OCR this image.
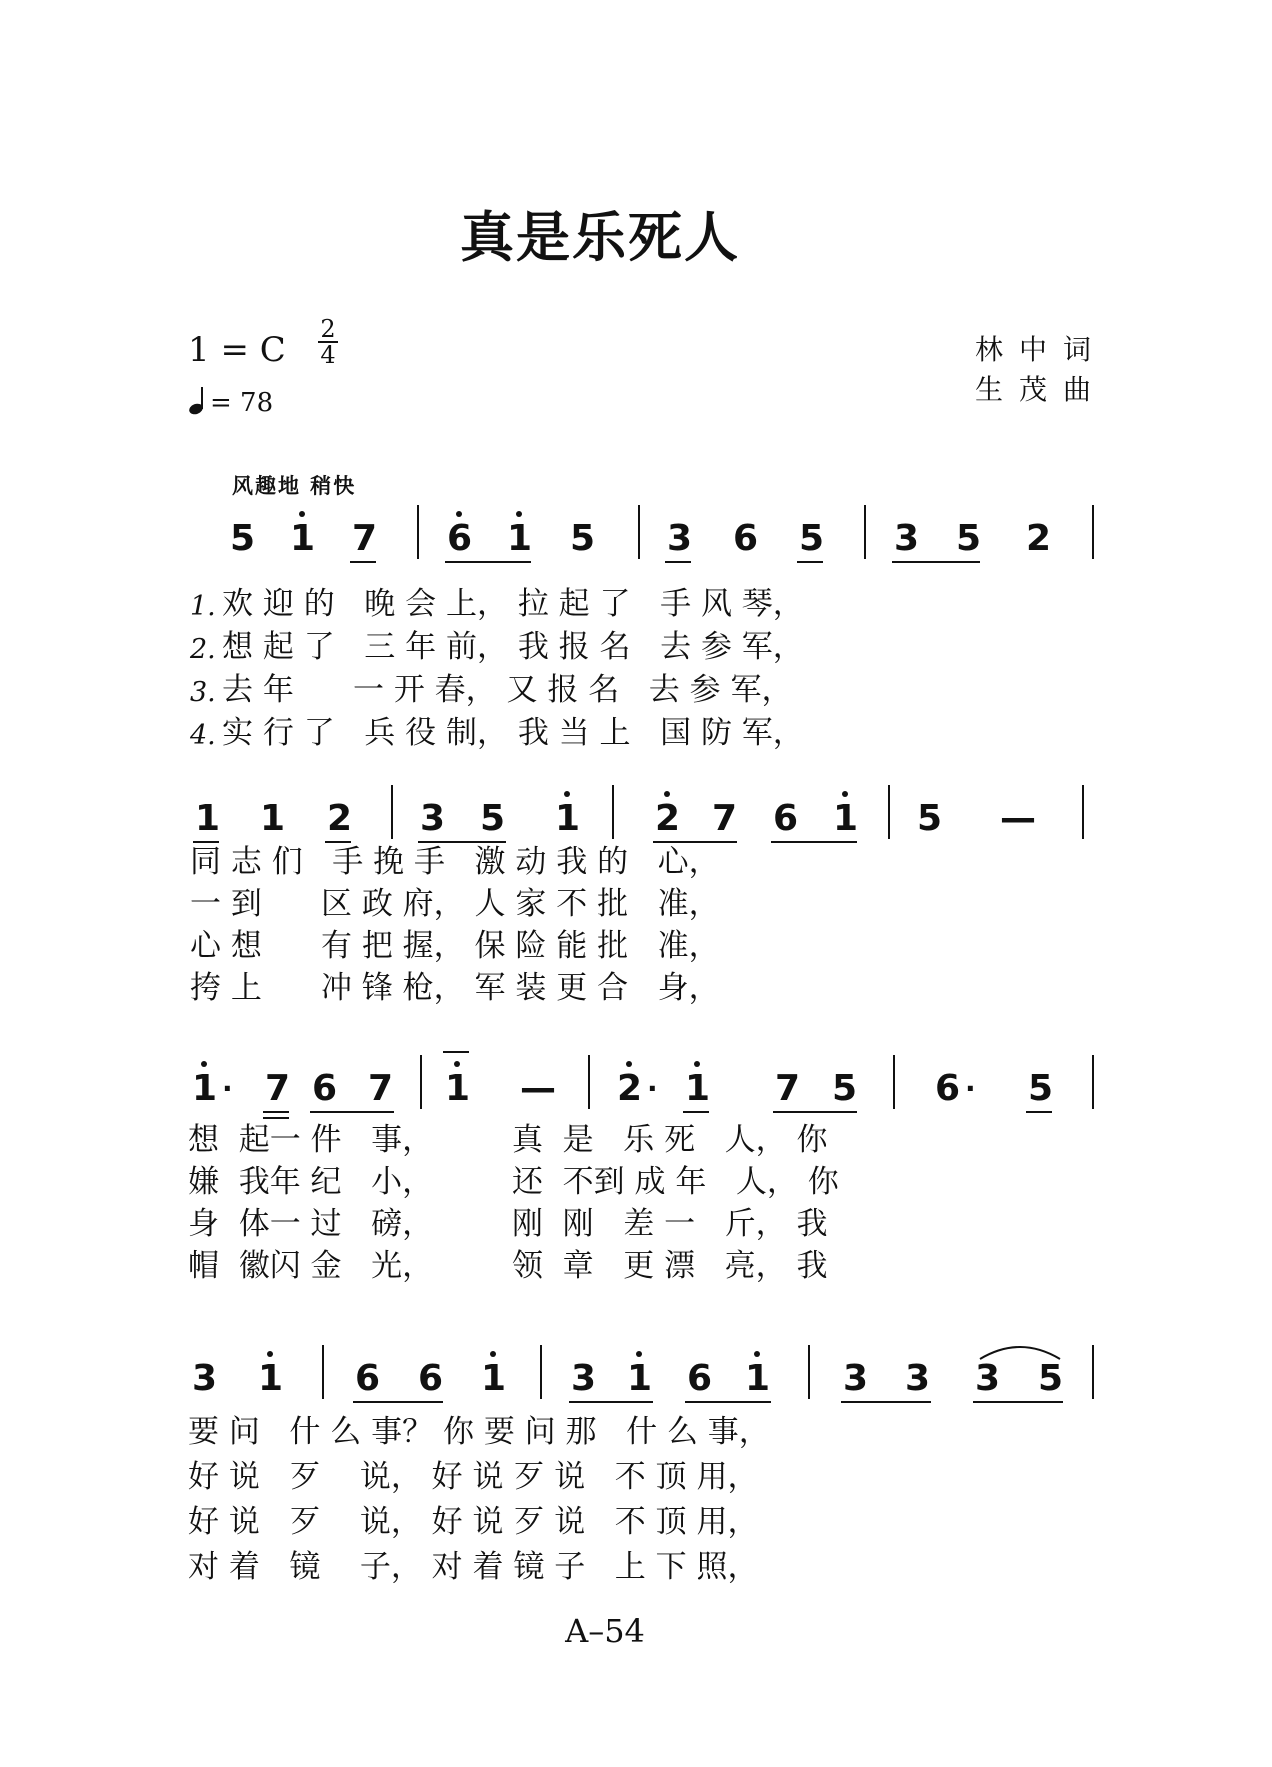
真是乐死人
1 = C
2
4
= 78
林中词
生茂曲
风趣地 稍快
5 1 7 6 1 5 3 6 5 3 5 2
1. 欢 迎 的   晚 会 上， 拉 起 了   手 风 琴，
2. 想 起 了   三 年 前， 我 报 名   去 参 军，
3. 去 年      一 开 春， 又 报 名   去 参 军，
4. 实 行 了   兵 役 制， 我 当 上   国 防 军，
1 1 2 3 5 1 2 7 6 1 5 —
同 志 们   手 挽 手   激 动 我 的   心，
一 到      区 政 府， 人 家 不 批   准，
心 想      有 把 握， 保 险 能 批   准，
挎 上      冲 锋 枪， 军 装 更 合   身，
1 · 7 6 7 1 — 2 · 1 7 5 6 · 5
想  起一 件   事，        真  是   乐 死   人， 你
嫌  我年 纪   小，        还  不到 成 年   人， 你
身  体一 过   磅，        刚  刚   差 一   斤， 我
帽  徽闪 金   光，        领  章   更 漂   亮， 我
3 1 6 6 1 3 1 6 1 3 3 3 5
要 问   什 么 事？ 你 要 问 那   什 么 事，
好 说   歹    说， 好 说 歹 说   不 顶 用，
好 说   歹    说， 好 说 歹 说   不 顶 用，
对 着   镜    子， 对 着 镜 子   上 下 照，
A–54
